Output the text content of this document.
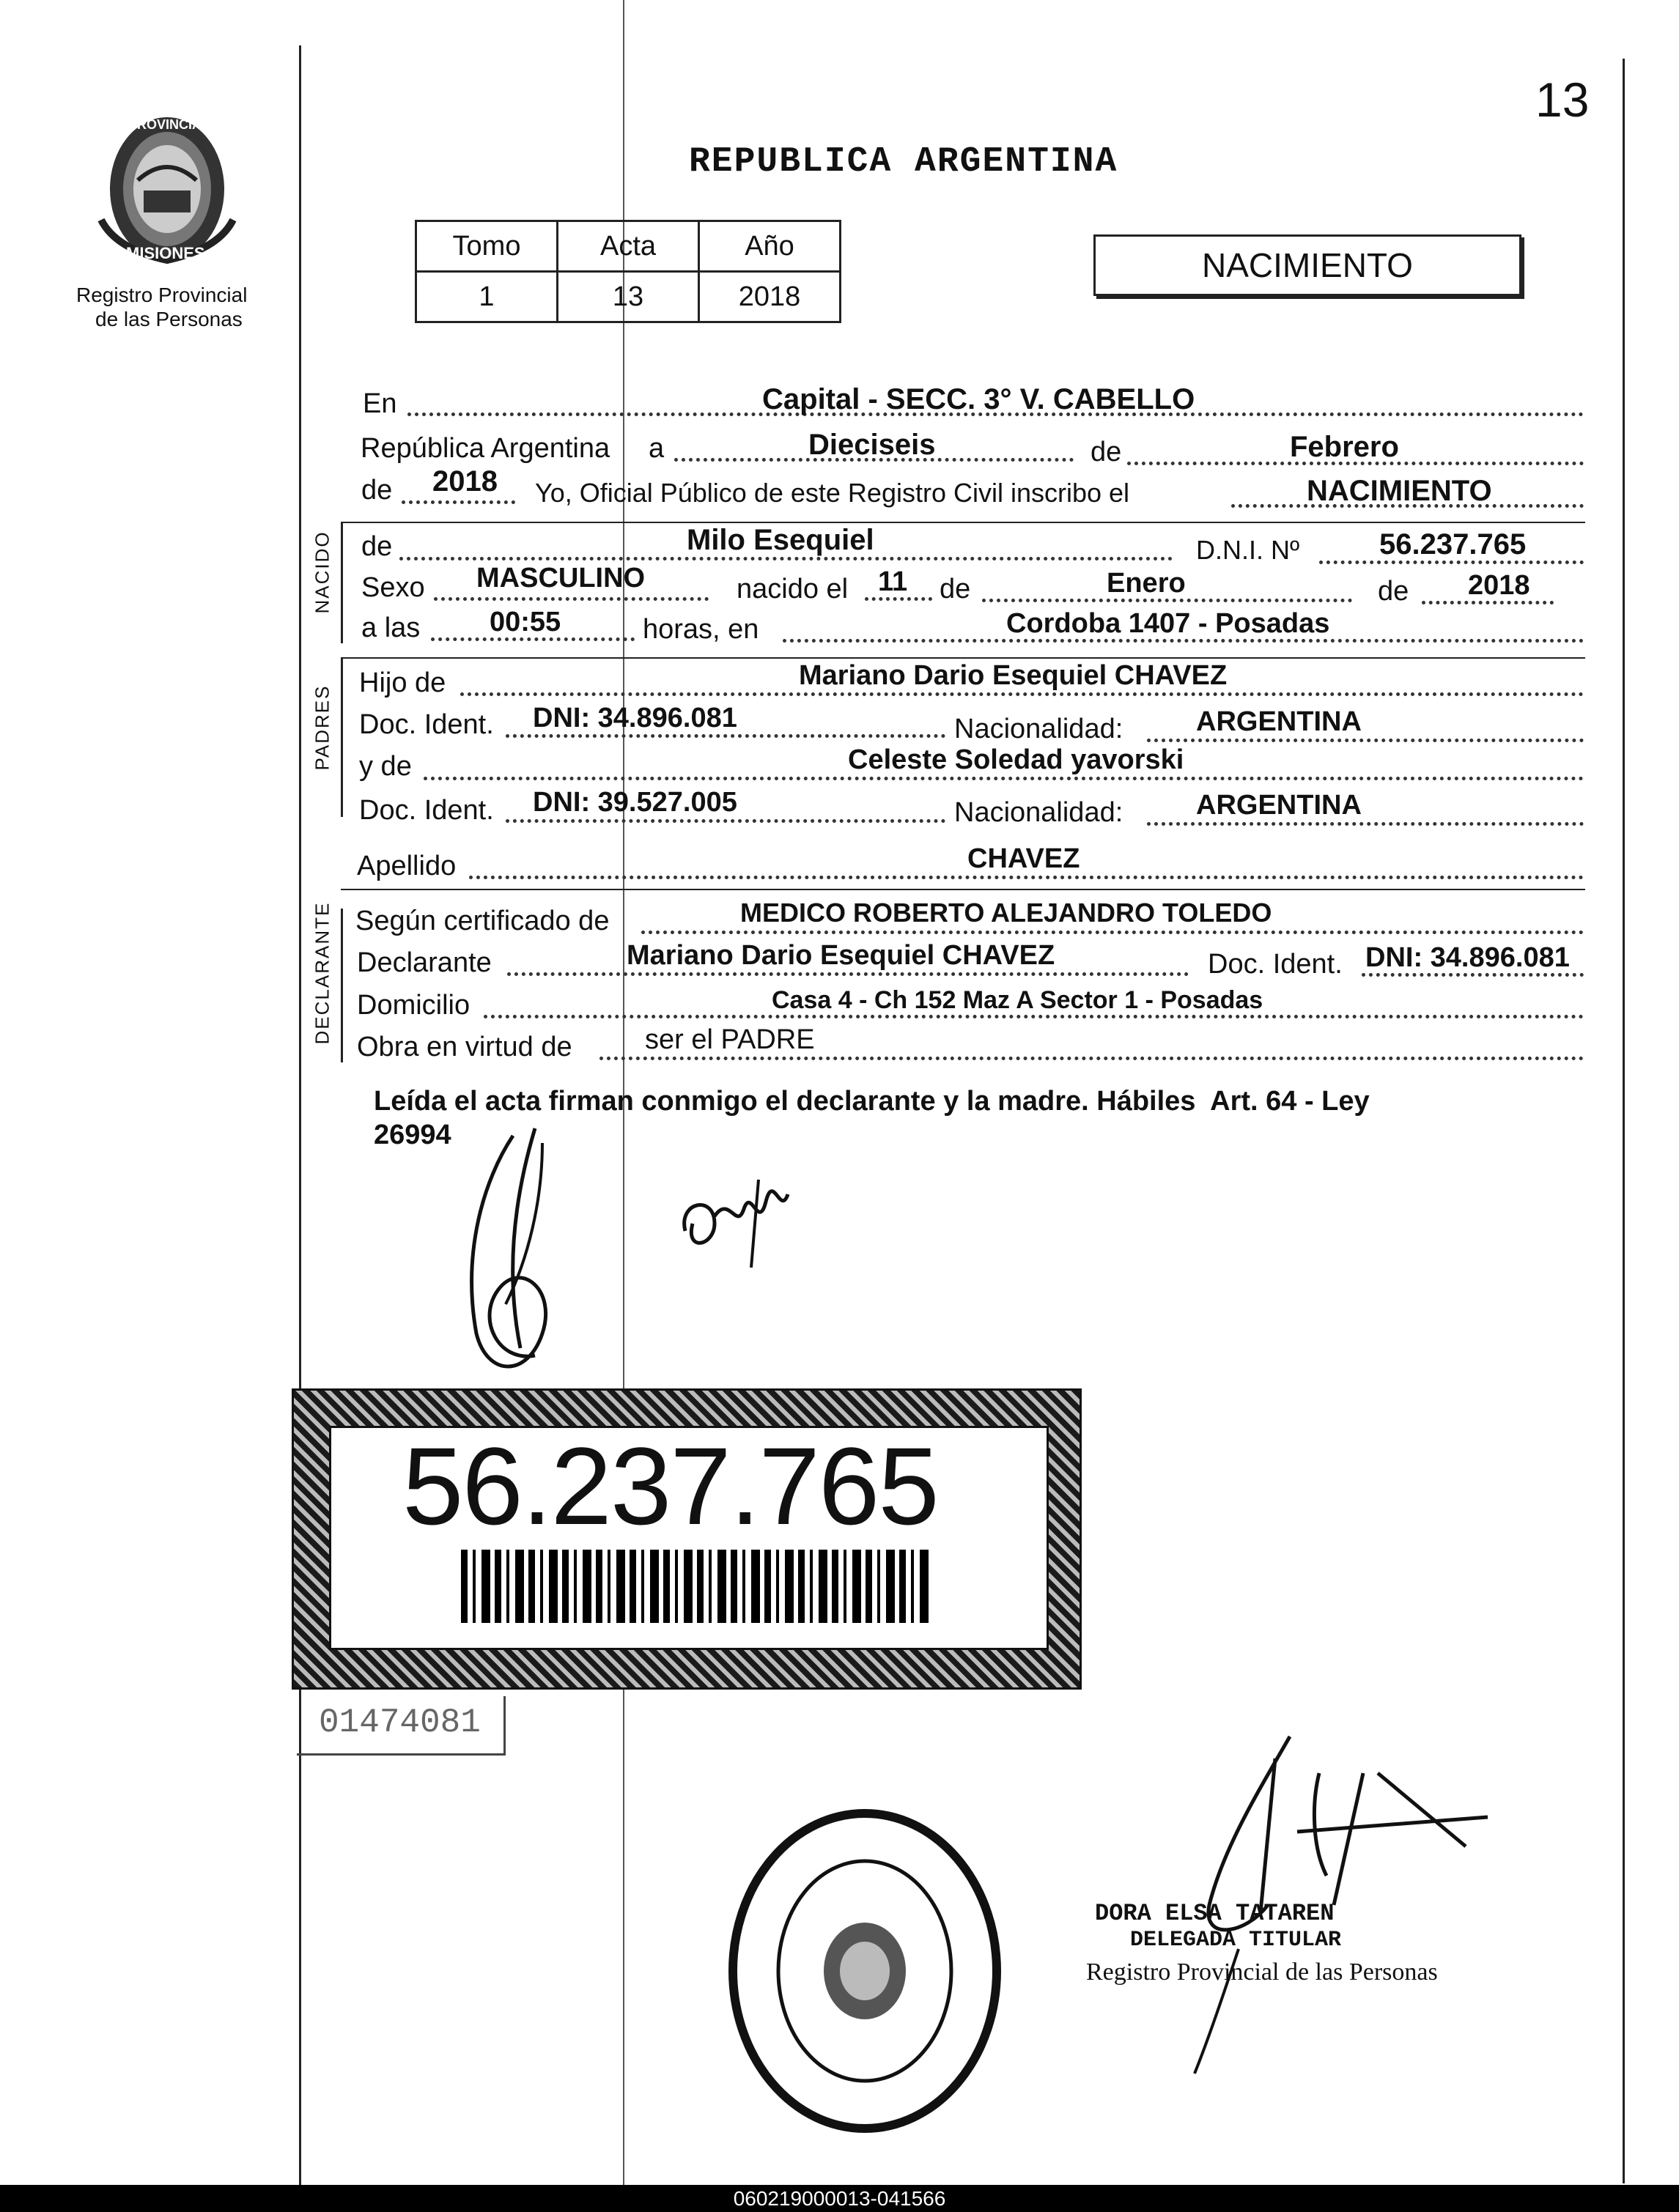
13
PROVINCIA DE
MISIONES
Registro Provincial
de las Personas
REPUBLICA ARGENTINA
Tomo	Acta	Año
1	13	2018
NACIMIENTO
En	Capital - SECC. 3° V. CABELLO
República Argentina a	Dieciseis	de	Febrero
de 2018 Yo, Oficial Público de este Registro Civil inscribo el	NACIMIENTO
NACIDO de	Milo Esequiel	D.N.I. Nº	56.237.765
Sexo MASCULINO	nacido el 11 de	Enero	de 2018
a las 00:55	horas, en	Cordoba 1407 - Posadas
PADRES
Hijo de	Mariano Dario Esequiel CHAVEZ
Doc. Ident. DNI: 34.896.081	Nacionalidad:	ARGENTINA
y de	Celeste Soledad yavorski
Doc. Ident. DNI: 39.527.005	Nacionalidad:	ARGENTINA
Apellido	CHAVEZ
DECLARANTE Según certificado de	MEDICO ROBERTO ALEJANDRO TOLEDO
Declarante	Mariano Dario Esequiel CHAVEZ	Doc. Ident. DNI: 34.896.081
Domicilio	Casa 4 - Ch 152 Maz A Sector 1 - Posadas
Obra en virtud de	ser el PADRE
Leída el acta firman conmigo el declarante y la madre. Hábiles  Art. 64 - Ley
26994
56.237.765
01474081
DORA ELSA TATAREN
DELEGADA TITULAR
Registro Provincial de las Personas
060219000013-041566
